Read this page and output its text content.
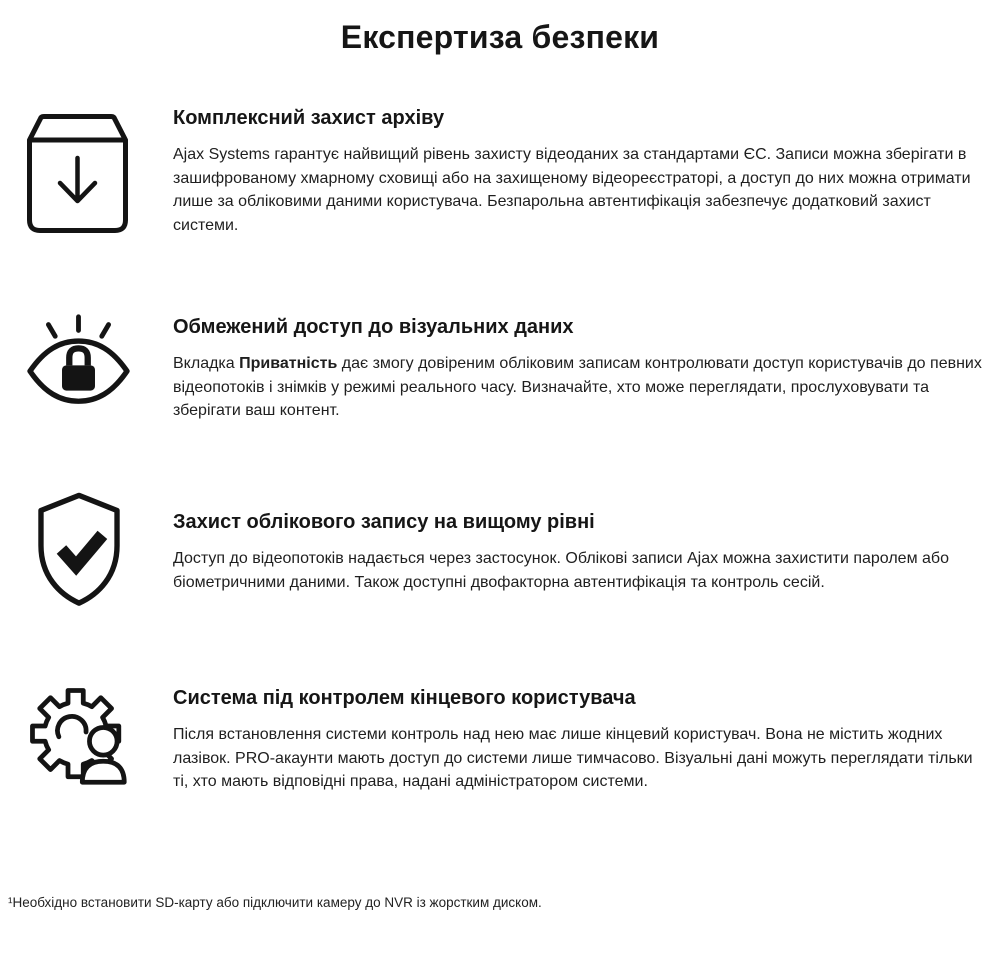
Експертиза безпеки
Комплексний захист архіву

Ajax Systems гарантує найвищий рівень захисту відеоданих за стандартами ЄС. Записи можна зберігати в зашифрованому хмарному сховищі або на захищеному відеореєстраторі, а доступ до них можна отримати лише за обліковими даними користувача. Безпарольна автентифікація забезпечує додатковий захист системи.

Обмежений доступ до візуальних даних

Вкладка Приватність дає змогу довіреним обліковим записам контролювати доступ користувачів до певних відеопотоків і знімків у режимі реального часу. Визначайте, хто може переглядати, прослуховувати та зберігати ваш контент.

Захист облікового запису на вищому рівні

Доступ до відеопотоків надається через застосунок. Облікові записи Ajax можна захистити паролем або біометричними даними. Також доступні двофакторна автентифікація та контроль сесій.

Система під контролем кінцевого користувача

Після встановлення системи контроль над нею має лише кінцевий користувач. Вона не містить жодних лазівок. PRO-акаунти мають доступ до системи лише тимчасово. Візуальні дані можуть переглядати тільки ті, хто мають відповідні права, надані адміністратором системи.

¹Необхідно встановити SD-карту або підключити камеру до NVR із жорстким диском.
